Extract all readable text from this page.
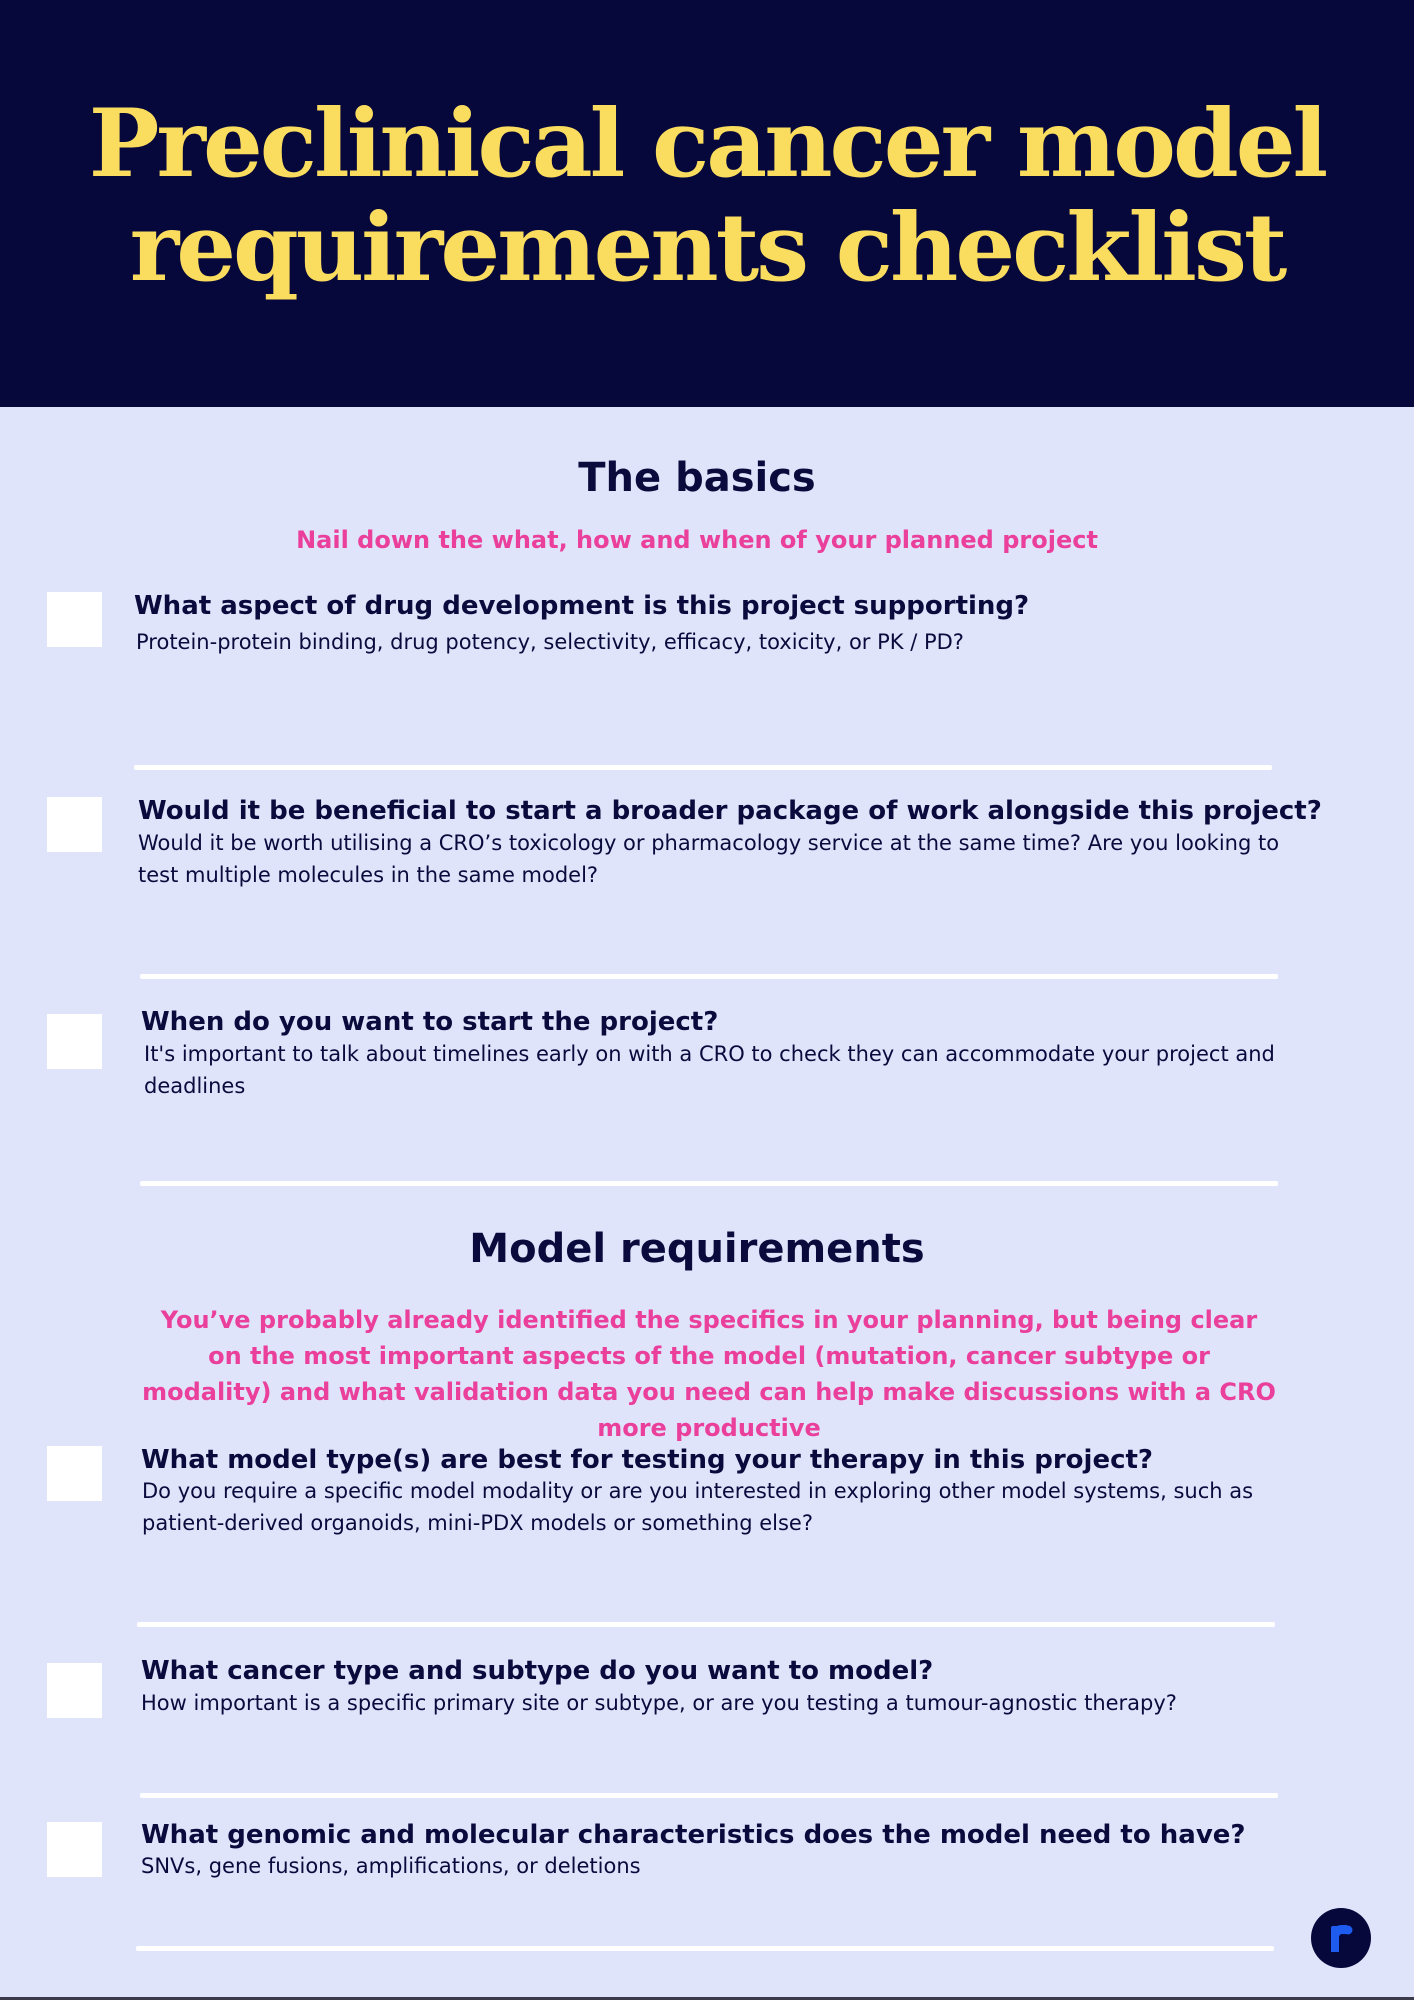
Preclinical cancer model requirements checklist
The basics

Nail down the what, how and when of your planned project

What aspect of drug development is this project supporting?

Protein-protein binding, drug potency, selectivity, efficacy, toxicity, or PK / PD?

Would it be beneficial to start a broader package of work alongside this project?

Would it be worth utilising a CRO’s toxicology or pharmacology service at the same time? Are you looking to test multiple molecules in the same model?

When do you want to start the project?

It's important to talk about timelines early on with a CRO to check they can accommodate your project and deadlines

Model requirements

You’ve probably already identified the specifics in your planning, but being clear on the most important aspects of the model (mutation, cancer subtype or modality) and what validation data you need can help make discussions with a CRO more productive

What model type(s) are best for testing your therapy in this project?

Do you require a specific model modality or are you interested in exploring other model systems, such as patient-derived organoids, mini-PDX models or something else?

What cancer type and subtype do you want to model?

How important is a specific primary site or subtype, or are you testing a tumour-agnostic therapy?

What genomic and molecular characteristics does the model need to have?

SNVs, gene fusions, amplifications, or deletions
